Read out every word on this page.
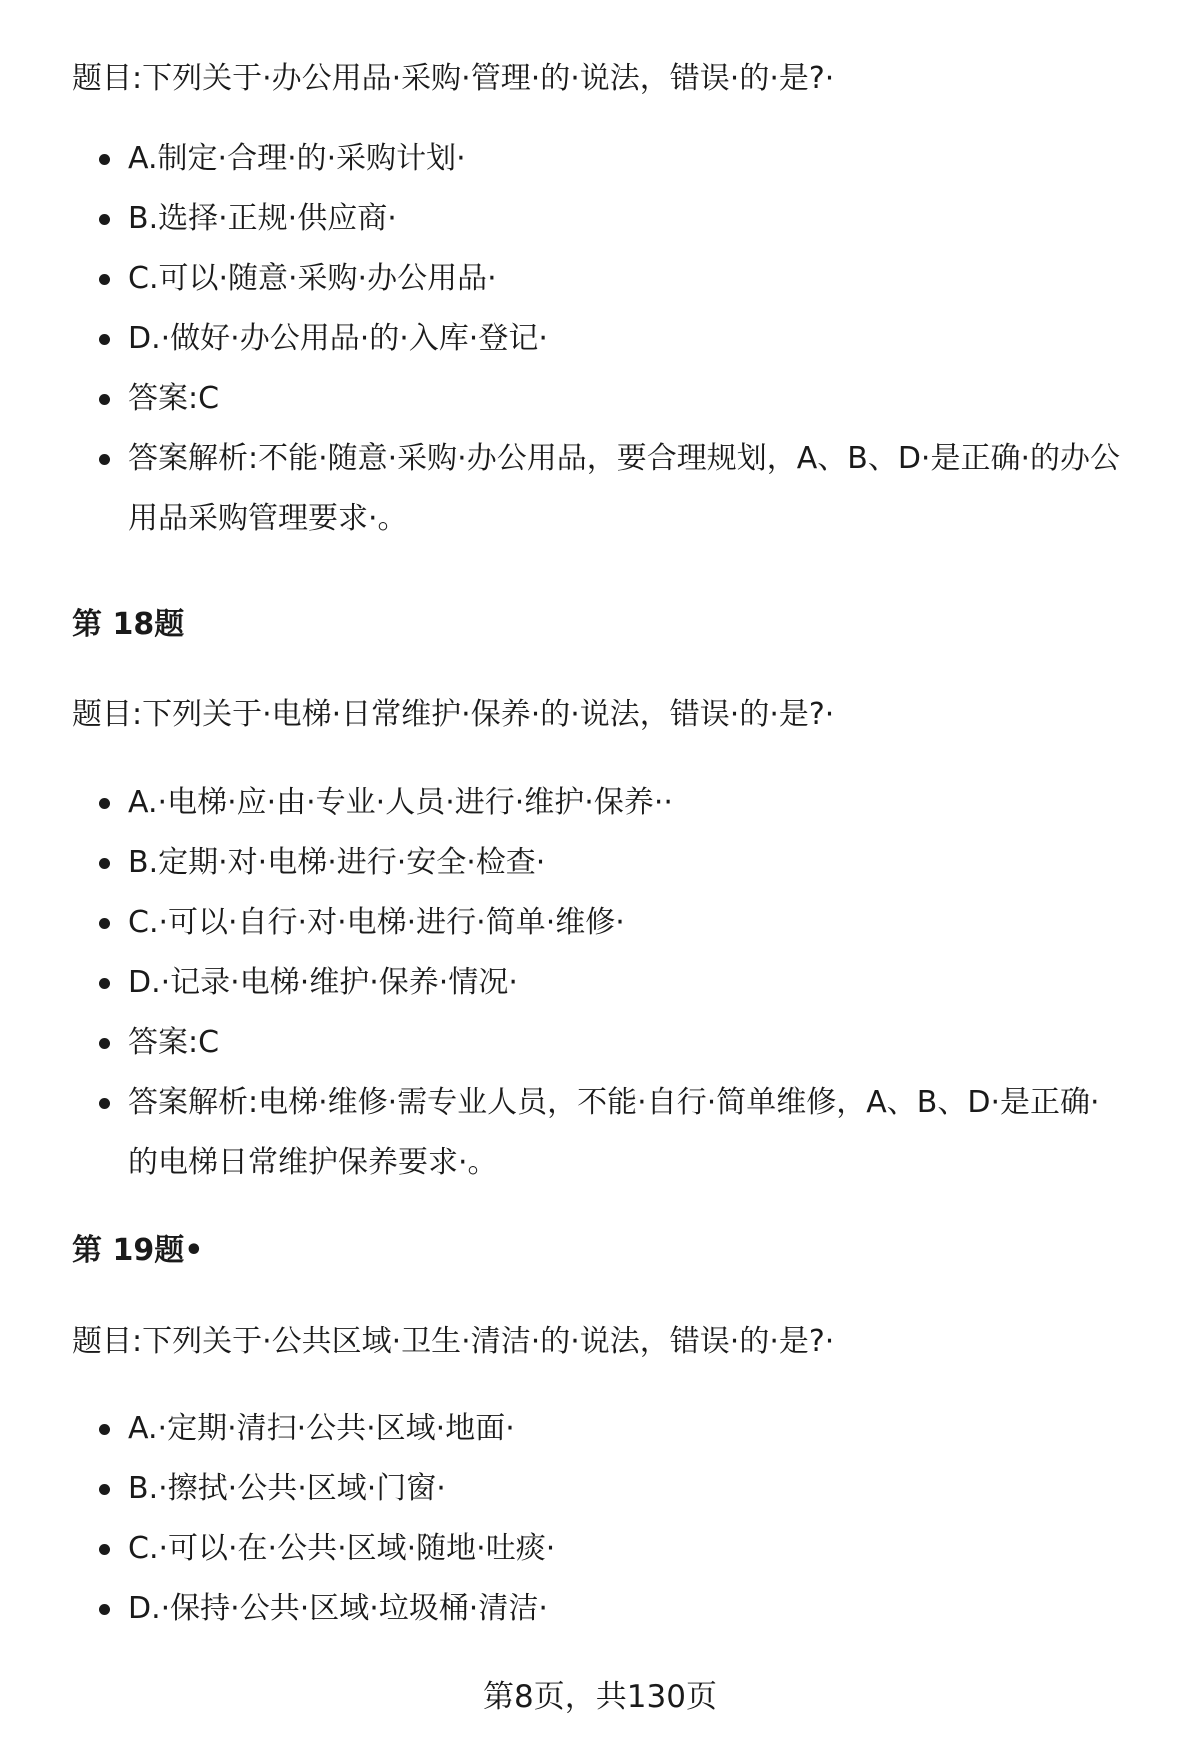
题目:下列关于·办公用品·采购·管理·的·说法，错误·的·是?·

A.制定·合理·的·采购计划·
B.选择·正规·供应商·
C.可以·随意·采购·办公用品·
D.·做好·办公用品·的·入库·登记·
答案:C
答案解析:不能·随意·采购·办公用品，要合理规划，A、B、D·是正确·的办公用品采购管理要求·。

第 18题

题目:下列关于·电梯·日常维护·保养·的·说法，错误·的·是?·

A.·电梯·应·由·专业·人员·进行·维护·保养··
B.定期·对·电梯·进行·安全·检查·
C.·可以·自行·对·电梯·进行·简单·维修·
D.·记录·电梯·维护·保养·情况·
答案:C
答案解析:电梯·维修·需专业人员，不能·自行·简单维修，A、B、D·是正确·的电梯日常维护保养要求·。

第 19题•

题目:下列关于·公共区域·卫生·清洁·的·说法，错误·的·是?·

A.·定期·清扫·公共·区域·地面·
B.·擦拭·公共·区域·门窗·
C.·可以·在·公共·区域·随地·吐痰·
D.·保持·公共·区域·垃圾桶·清洁·
第8页，共130页
